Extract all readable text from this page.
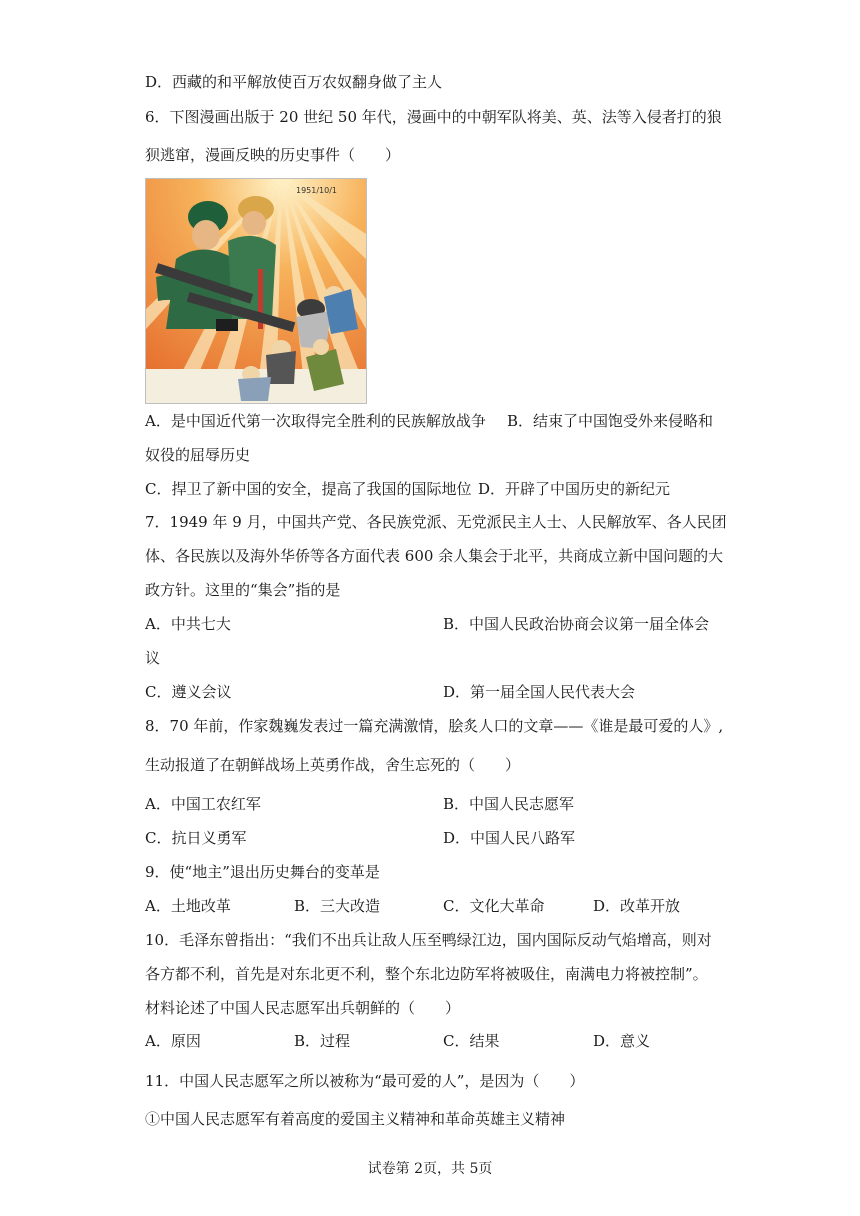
D．西藏的和平解放使百万农奴翻身做了主人
6．下图漫画出版于 20 世纪 50 年代，漫画中的中朝军队将美、英、法等入侵者打的狼
狈逃窜，漫画反映的历史事件（　　）
1951/10/1
A．是中国近代第一次取得完全胜利的民族解放战争 B．结束了中国饱受外来侵略和
奴役的屈辱历史
C．捍卫了新中国的安全，提高了我国的国际地位 D．开辟了中国历史的新纪元
7．1949 年 9 月，中国共产党、各民族党派、无党派民主人士、人民解放军、各人民团
体、各民族以及海外华侨等各方面代表 600 余人集会于北平，共商成立新中国问题的大
政方针。这里的“集会”指的是
A．中共七大	B．中国人民政治协商会议第一届全体会
议
C．遵义会议	D．第一届全国人民代表大会
8．70 年前，作家魏巍发表过一篇充满激情，脍炙人口的文章——《谁是最可爱的人》,
生动报道了在朝鲜战场上英勇作战，舍生忘死的（　　）
A．中国工农红军	B．中国人民志愿军
C．抗日义勇军	D．中国人民八路军
9．使“地主”退出历史舞台的变革是
A．土地改革	B．三大改造	C．文化大革命	D．改革开放
10．毛泽东曾指出：“我们不出兵让敌人压至鸭绿江边，国内国际反动气焰增高，则对
各方都不利，首先是对东北更不利，整个东北边防军将被吸住，南满电力将被控制”。
材料论述了中国人民志愿军出兵朝鲜的（　　）
A．原因	B．过程	C．结果	D．意义
11．中国人民志愿军之所以被称为“最可爱的人”，是因为（　　）
①中国人民志愿军有着高度的爱国主义精神和革命英雄主义精神
试卷第 2页，共 5页
